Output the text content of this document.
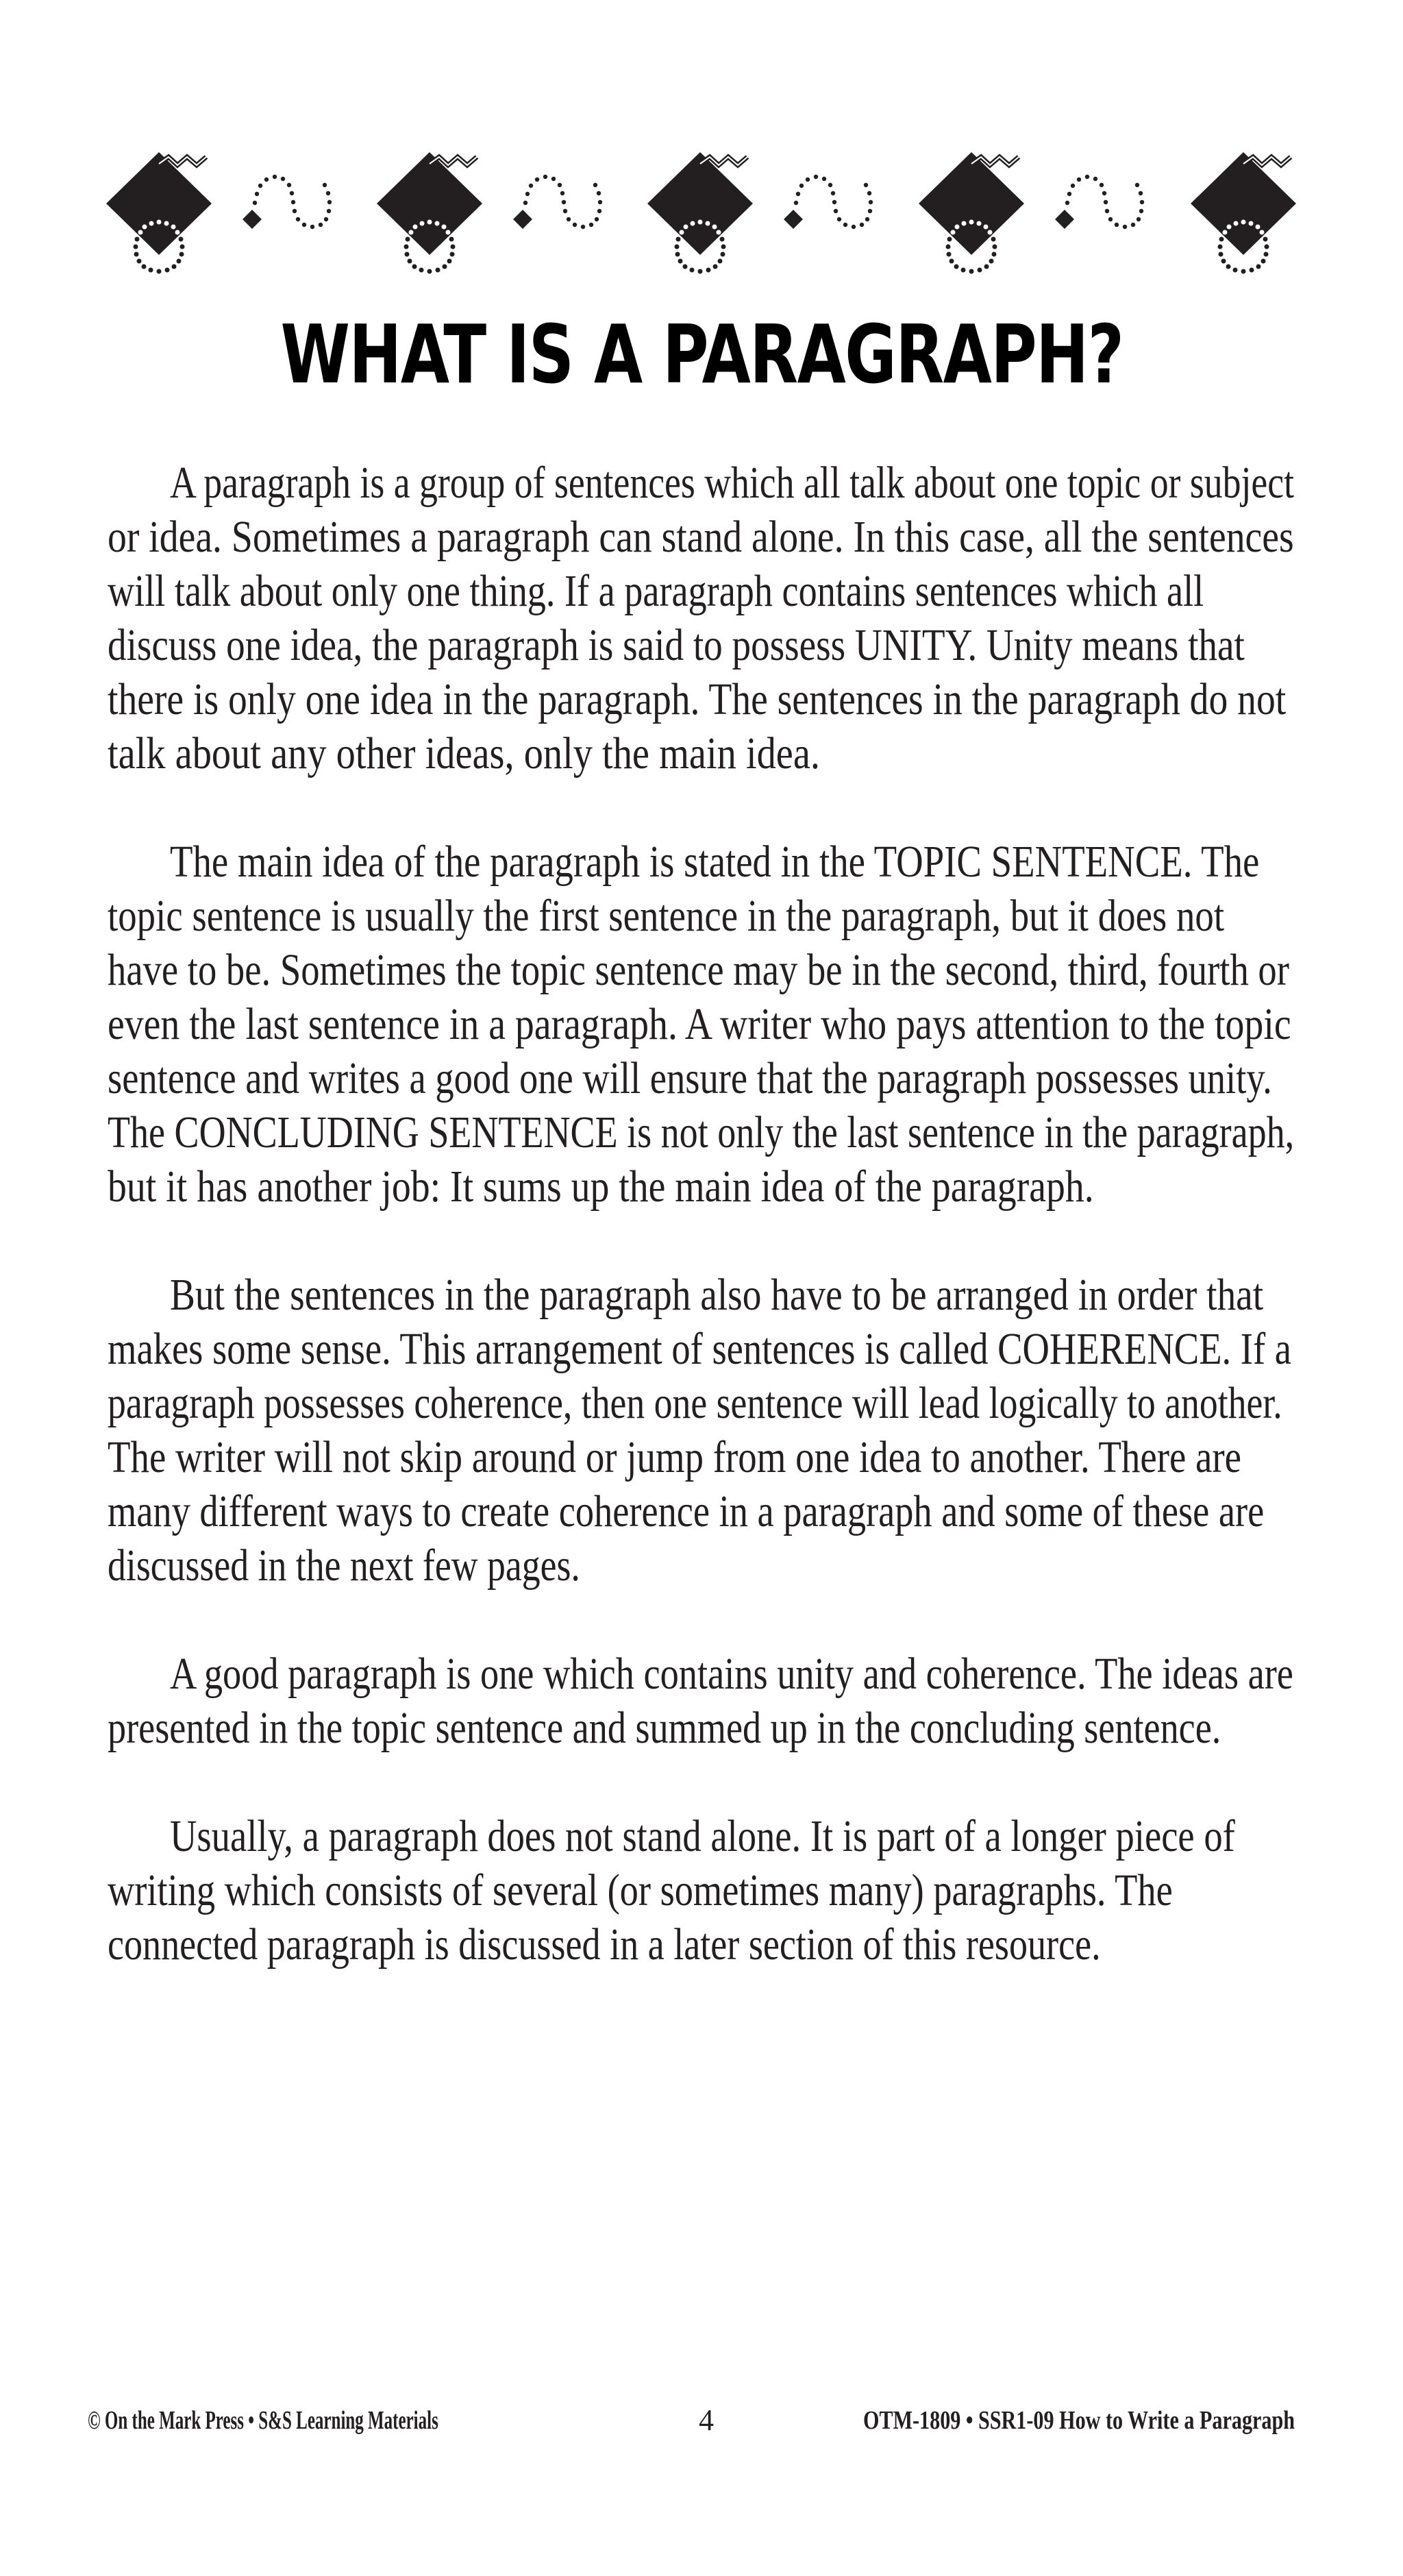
WHAT IS A PARAGRAPH?
A paragraph is a group of sentences which all talk about one topic or subject
or idea. Sometimes a paragraph can stand alone. In this case, all the sentences
will talk about only one thing. If a paragraph contains sentences which all
discuss one idea, the paragraph is said to possess UNITY. Unity means that
there is only one idea in the paragraph. The sentences in the paragraph do not
talk about any other ideas, only the main idea.
The main idea of the paragraph is stated in the TOPIC SENTENCE. The
topic sentence is usually the first sentence in the paragraph, but it does not
have to be. Sometimes the topic sentence may be in the second, third, fourth or
even the last sentence in a paragraph. A writer who pays attention to the topic
sentence and writes a good one will ensure that the paragraph possesses unity.
The CONCLUDING SENTENCE is not only the last sentence in the paragraph,
but it has another job: It sums up the main idea of the paragraph.
But the sentences in the paragraph also have to be arranged in order that
makes some sense. This arrangement of sentences is called COHERENCE. If a
paragraph possesses coherence, then one sentence will lead logically to another.
The writer will not skip around or jump from one idea to another. There are
many different ways to create coherence in a paragraph and some of these are
discussed in the next few pages.
A good paragraph is one which contains unity and coherence. The ideas are
presented in the topic sentence and summed up in the concluding sentence.
Usually, a paragraph does not stand alone. It is part of a longer piece of
writing which consists of several (or sometimes many) paragraphs. The
connected paragraph is discussed in a later section of this resource.
© On the Mark Press • S&S Learning Materials	4	OTM-1809 • SSR1-09 How to Write a Paragraph
